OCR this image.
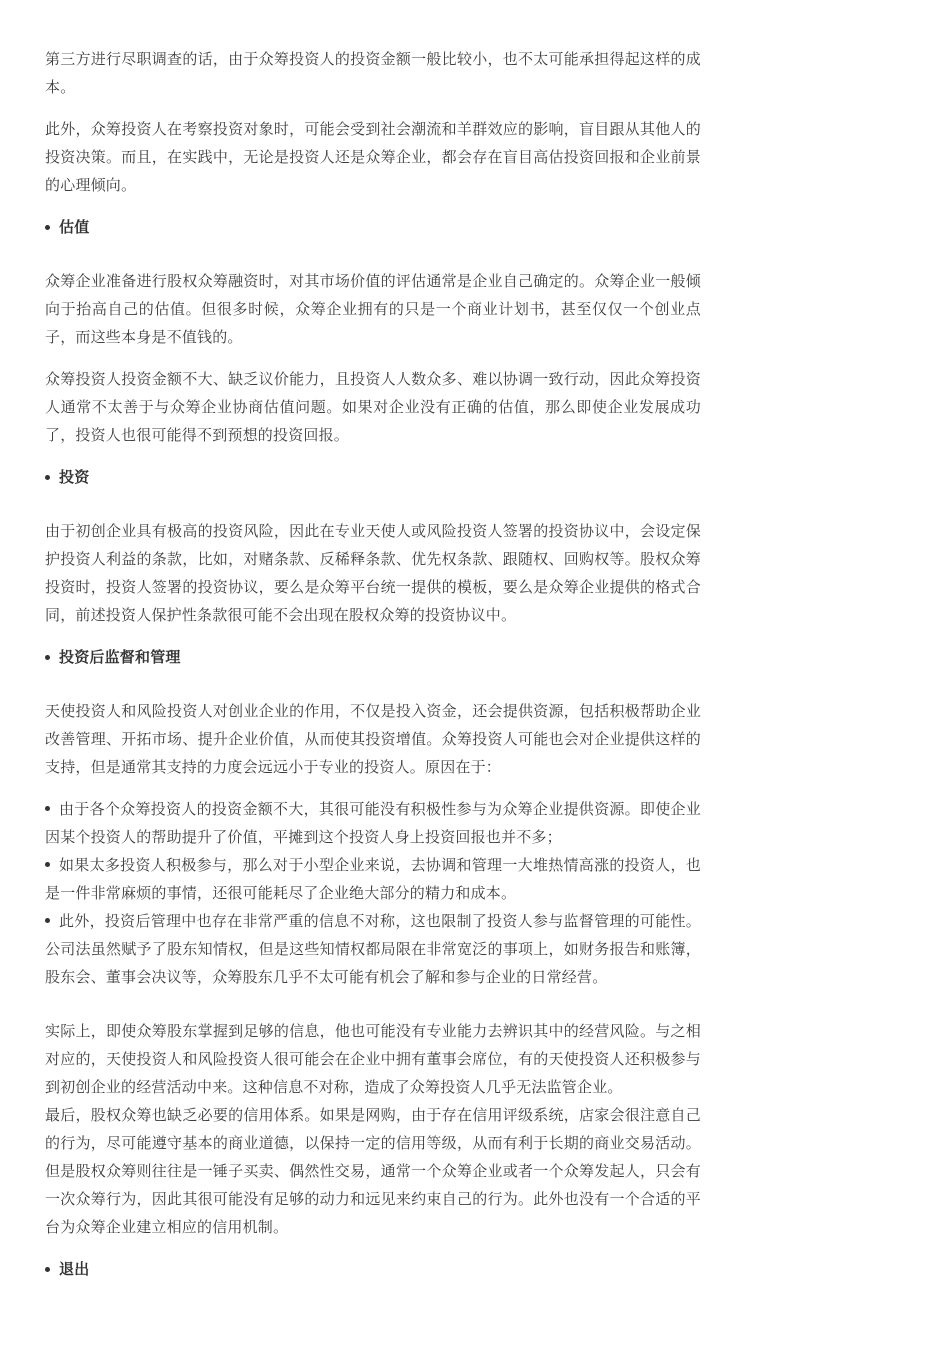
第三方进行尽职调查的话，由于众筹投资人的投资金额一般比较小，也不太可能承担得起这样的成本。

此外，众筹投资人在考察投资对象时，可能会受到社会潮流和羊群效应的影响，盲目跟从其他人的投资决策。而且，在实践中，无论是投资人还是众筹企业，都会存在盲目高估投资回报和企业前景的心理倾向。

估值

众筹企业准备进行股权众筹融资时，对其市场价值的评估通常是企业自己确定的。众筹企业一般倾向于抬高自己的估值。但很多时候，众筹企业拥有的只是一个商业计划书，甚至仅仅一个创业点子，而这些本身是不值钱的。

众筹投资人投资金额不大、缺乏议价能力，且投资人人数众多、难以协调一致行动，因此众筹投资人通常不太善于与众筹企业协商估值问题。如果对企业没有正确的估值，那么即使企业发展成功了，投资人也很可能得不到预想的投资回报。

投资

由于初创企业具有极高的投资风险，因此在专业天使人或风险投资人签署的投资协议中，会设定保护投资人利益的条款，比如，对赌条款、反稀释条款、优先权条款、跟随权、回购权等。股权众筹投资时，投资人签署的投资协议，要么是众筹平台统一提供的模板，要么是众筹企业提供的格式合同，前述投资人保护性条款很可能不会出现在股权众筹的投资协议中。

投资后监督和管理

天使投资人和风险投资人对创业企业的作用，不仅是投入资金，还会提供资源，包括积极帮助企业改善管理、开拓市场、提升企业价值，从而使其投资增值。众筹投资人可能也会对企业提供这样的支持，但是通常其支持的力度会远远小于专业的投资人。原因在于：

由于各个众筹投资人的投资金额不大，其很可能没有积极性参与为众筹企业提供资源。即使企业因某个投资人的帮助提升了价值，平摊到这个投资人身上投资回报也并不多；

如果太多投资人积极参与，那么对于小型企业来说，去协调和管理一大堆热情高涨的投资人，也是一件非常麻烦的事情，还很可能耗尽了企业绝大部分的精力和成本。

此外，投资后管理中也存在非常严重的信息不对称，这也限制了投资人参与监督管理的可能性。公司法虽然赋予了股东知情权，但是这些知情权都局限在非常宽泛的事项上，如财务报告和账簿，股东会、董事会决议等，众筹股东几乎不太可能有机会了解和参与企业的日常经营。

实际上，即使众筹股东掌握到足够的信息，他也可能没有专业能力去辨识其中的经营风险。与之相对应的，天使投资人和风险投资人很可能会在企业中拥有董事会席位，有的天使投资人还积极参与到初创企业的经营活动中来。这种信息不对称，造成了众筹投资人几乎无法监管企业。

最后，股权众筹也缺乏必要的信用体系。如果是网购，由于存在信用评级系统，店家会很注意自己的行为，尽可能遵守基本的商业道德，以保持一定的信用等级，从而有利于长期的商业交易活动。但是股权众筹则往往是一锤子买卖、偶然性交易，通常一个众筹企业或者一个众筹发起人，只会有一次众筹行为，因此其很可能没有足够的动力和远见来约束自己的行为。此外也没有一个合适的平台为众筹企业建立相应的信用机制。

退出
